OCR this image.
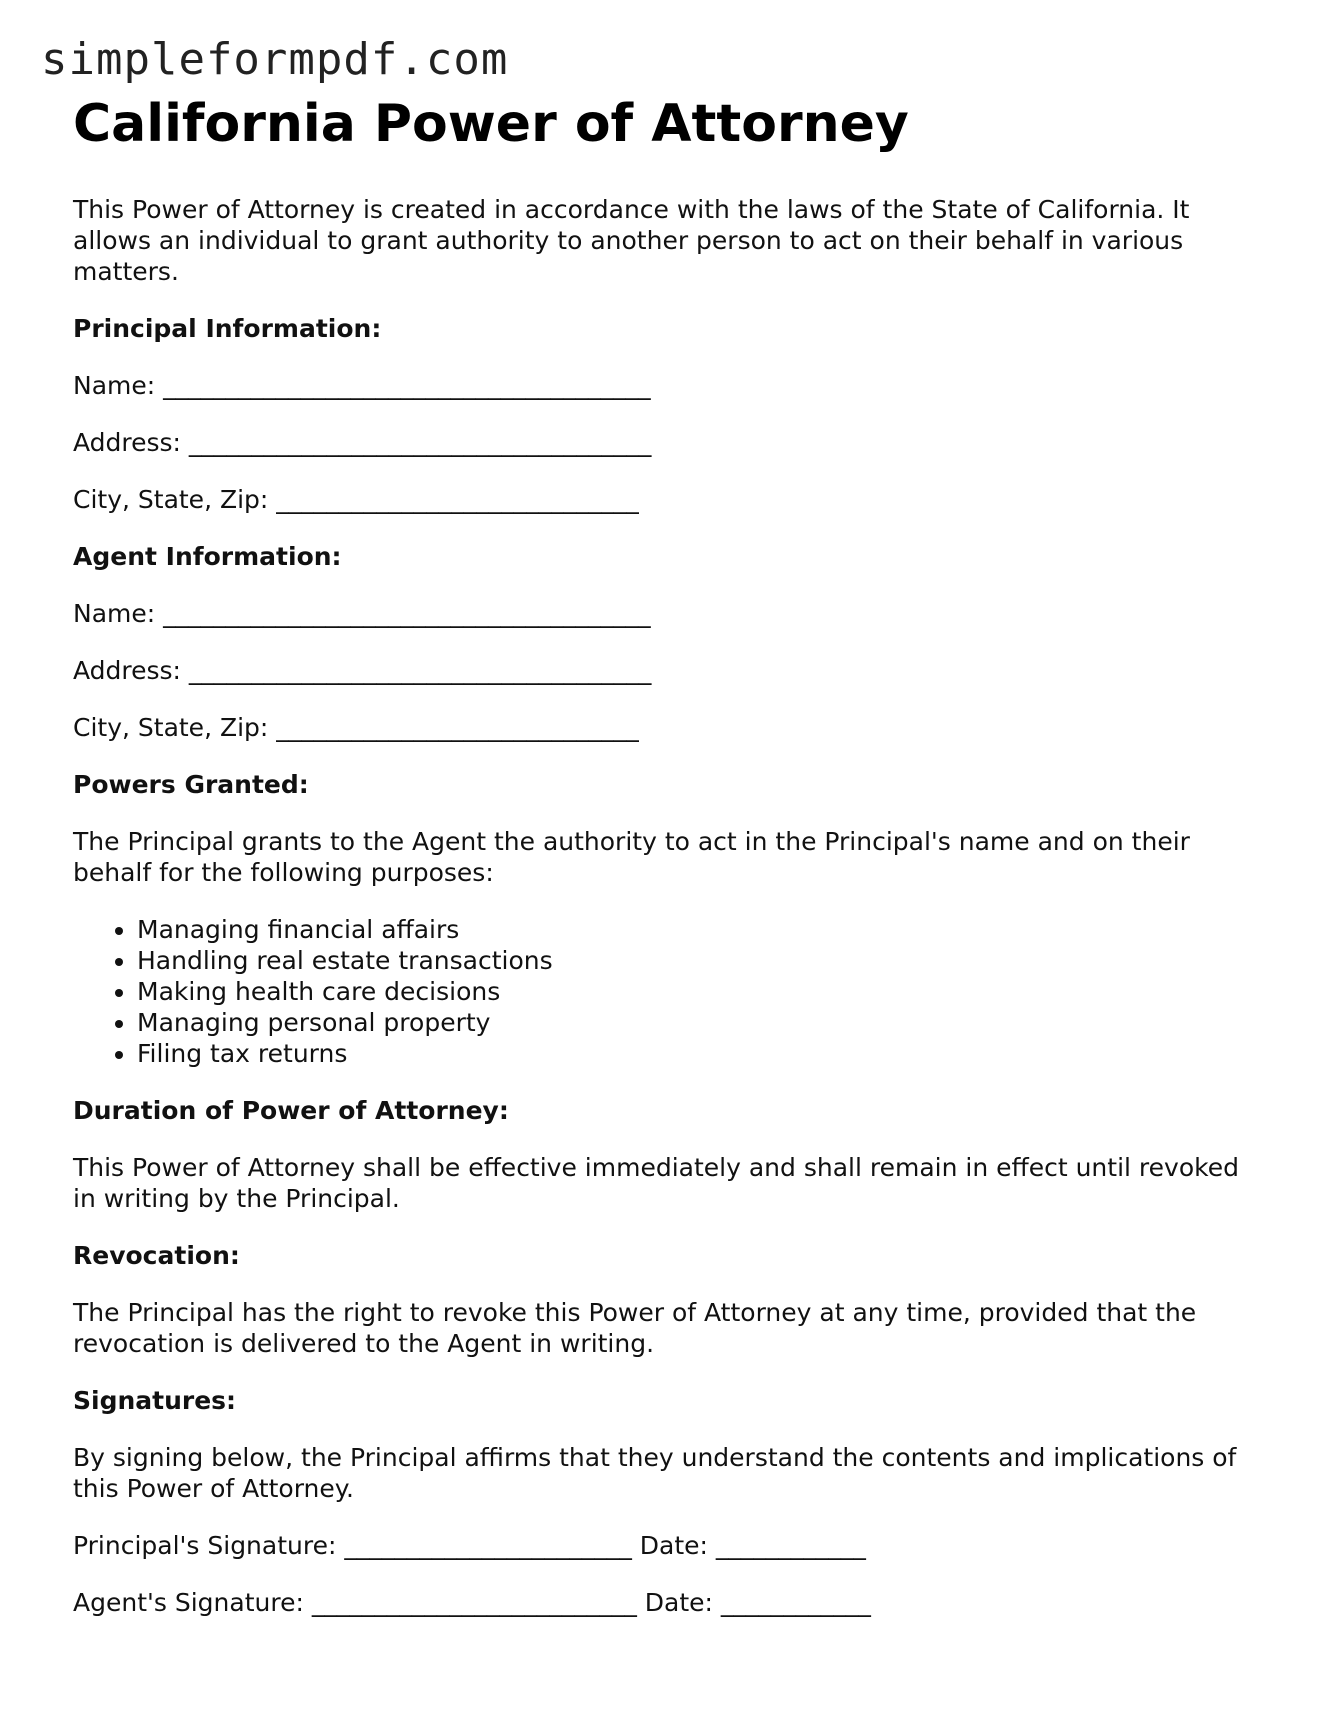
simpleformpdf.com
California Power of Attorney

This Power of Attorney is created in accordance with the laws of the State of California. It allows an individual to grant authority to another person to act on their behalf in various matters.

Principal Information:
Name: _______________________________________
Address: _____________________________________
City, State, Zip: _____________________________
Agent Information:
Name: _______________________________________
Address: _____________________________________
City, State, Zip: _____________________________
Powers Granted:

The Principal grants to the Agent the authority to act in the Principal's name and on their behalf for the following purposes:

• Managing financial affairs
• Handling real estate transactions
• Making health care decisions
• Managing personal property
• Filing tax returns
Duration of Power of Attorney:

This Power of Attorney shall be effective immediately and shall remain in effect until revoked in writing by the Principal.

Revocation:

The Principal has the right to revoke this Power of Attorney at any time, provided that the revocation is delivered to the Agent in writing.

Signatures:

By signing below, the Principal affirms that they understand the contents and implications of this Power of Attorney.

Principal's Signature: _______________________ Date: ____________
Agent's Signature: __________________________ Date: ____________
